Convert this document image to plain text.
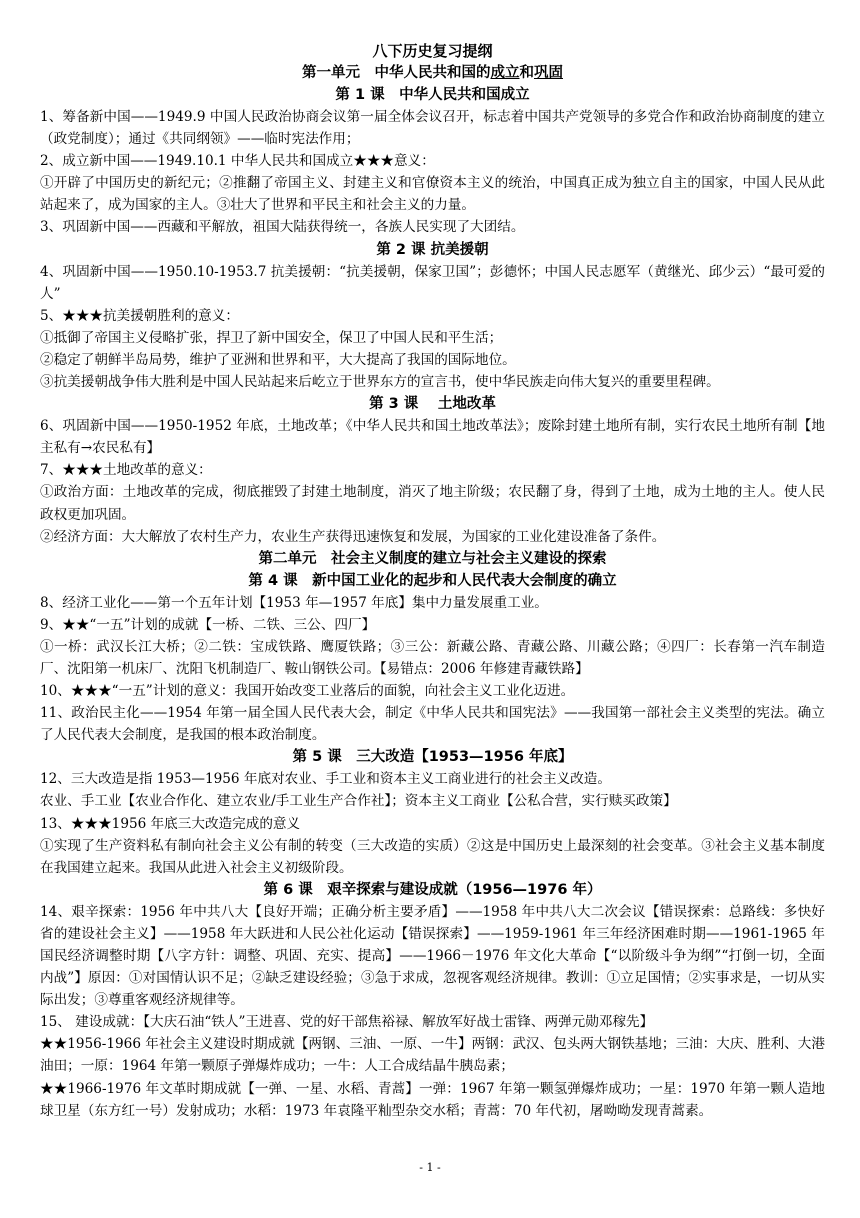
八下历史复习提纲
第一单元　中华人民共和国的成立和巩固
第 1 课　中华人民共和国成立

1、筹备新中国——1949.9 中国人民政治协商会议第一届全体会议召开，标志着中国共产党领导的多党合作和政治协商制度的建立（政党制度）；通过《共同纲领》——临时宪法作用；

2、成立新中国——1949.10.1 中华人民共和国成立★★★意义：

①开辟了中国历史的新纪元；②推翻了帝国主义、封建主义和官僚资本主义的统治，中国真正成为独立自主的国家，中国人民从此站起来了，成为国家的主人。③壮大了世界和平民主和社会主义的力量。

3、巩固新中国——西藏和平解放，祖国大陆获得统一，各族人民实现了大团结。

第 2 课 抗美援朝

4、巩固新中国——1950.10-1953.7 抗美援朝：“抗美援朝，保家卫国”；彭德怀；中国人民志愿军（黄继光、邱少云）“最可爱的人”

5、★★★抗美援朝胜利的意义：

①抵御了帝国主义侵略扩张，捍卫了新中国安全，保卫了中国人民和平生活；

②稳定了朝鲜半岛局势，维护了亚洲和世界和平，大大提高了我国的国际地位。

③抗美援朝战争伟大胜利是中国人民站起来后屹立于世界东方的宣言书，使中华民族走向伟大复兴的重要里程碑。

第 3 课　 土地改革

6、巩固新中国——1950-1952 年底，土地改革；《中华人民共和国土地改革法》；废除封建土地所有制，实行农民土地所有制【地主私有→农民私有】

7、★★★土地改革的意义：

①政治方面：土地改革的完成，彻底摧毁了封建土地制度，消灭了地主阶级；农民翻了身，得到了土地，成为土地的主人。使人民政权更加巩固。

②经济方面：大大解放了农村生产力，农业生产获得迅速恢复和发展，为国家的工业化建设准备了条件。

第二单元　社会主义制度的建立与社会主义建设的探索
第 4 课　新中国工业化的起步和人民代表大会制度的确立

8、经济工业化——第一个五年计划【1953 年—1957 年底】集中力量发展重工业。

9、★★“一五”计划的成就【一桥、二铁、三公、四厂】

①一桥：武汉长江大桥；②二铁：宝成铁路、鹰厦铁路；③三公：新藏公路、青藏公路、川藏公路；④四厂：长春第一汽车制造厂、沈阳第一机床厂、沈阳飞机制造厂、鞍山钢铁公司。【易错点：2006 年修建青藏铁路】

10、★★★“一五”计划的意义：我国开始改变工业落后的面貌，向社会主义工业化迈进。

11、政治民主化——1954 年第一届全国人民代表大会，制定《中华人民共和国宪法》——我国第一部社会主义类型的宪法。确立了人民代表大会制度，是我国的根本政治制度。

第 5 课　三大改造【1953—1956 年底】

12、三大改造是指 1953—1956 年底对农业、手工业和资本主义工商业进行的社会主义改造。

农业、手工业【农业合作化、建立农业/手工业生产合作社】；资本主义工商业【公私合营，实行赎买政策】

13、★★★1956 年底三大改造完成的意义

①实现了生产资料私有制向社会主义公有制的转变（三大改造的实质）②这是中国历史上最深刻的社会变革。③社会主义基本制度在我国建立起来。我国从此进入社会主义初级阶段。

第 6 课　艰辛探索与建设成就（1956—1976 年）

14、艰辛探索：1956 年中共八大【良好开端；正确分析主要矛盾】——1958 年中共八大二次会议【错误探索：总路线：多快好省的建设社会主义】——1958 年大跃进和人民公社化运动【错误探索】——1959-1961 年三年经济困难时期——1961-1965 年国民经济调整时期【八字方针：调整、巩固、充实、提高】——1966－1976 年文化大革命【“以阶级斗争为纲”“打倒一切，全面内战”】原因：①对国情认识不足；②缺乏建设经验；③急于求成，忽视客观经济规律。教训：①立足国情；②实事求是，一切从实际出发；③尊重客观经济规律等。

15、 建设成就：【大庆石油“铁人”王进喜、党的好干部焦裕禄、解放军好战士雷锋、两弹元勋邓稼先】

★★1956-1966 年社会主义建设时期成就【两钢、三油、一原、一牛】两钢：武汉、包头两大钢铁基地；三油：大庆、胜利、大港油田；一原：1964 年第一颗原子弹爆炸成功；一牛：人工合成结晶牛胰岛素；

★★1966-1976 年文革时期成就【一弹、一星、水稻、青蒿】一弹：1967 年第一颗氢弹爆炸成功；一星：1970 年第一颗人造地球卫星（东方红一号）发射成功；水稻：1973 年袁隆平籼型杂交水稻；青蒿：70 年代初，屠呦呦发现青蒿素。

- 1 -
